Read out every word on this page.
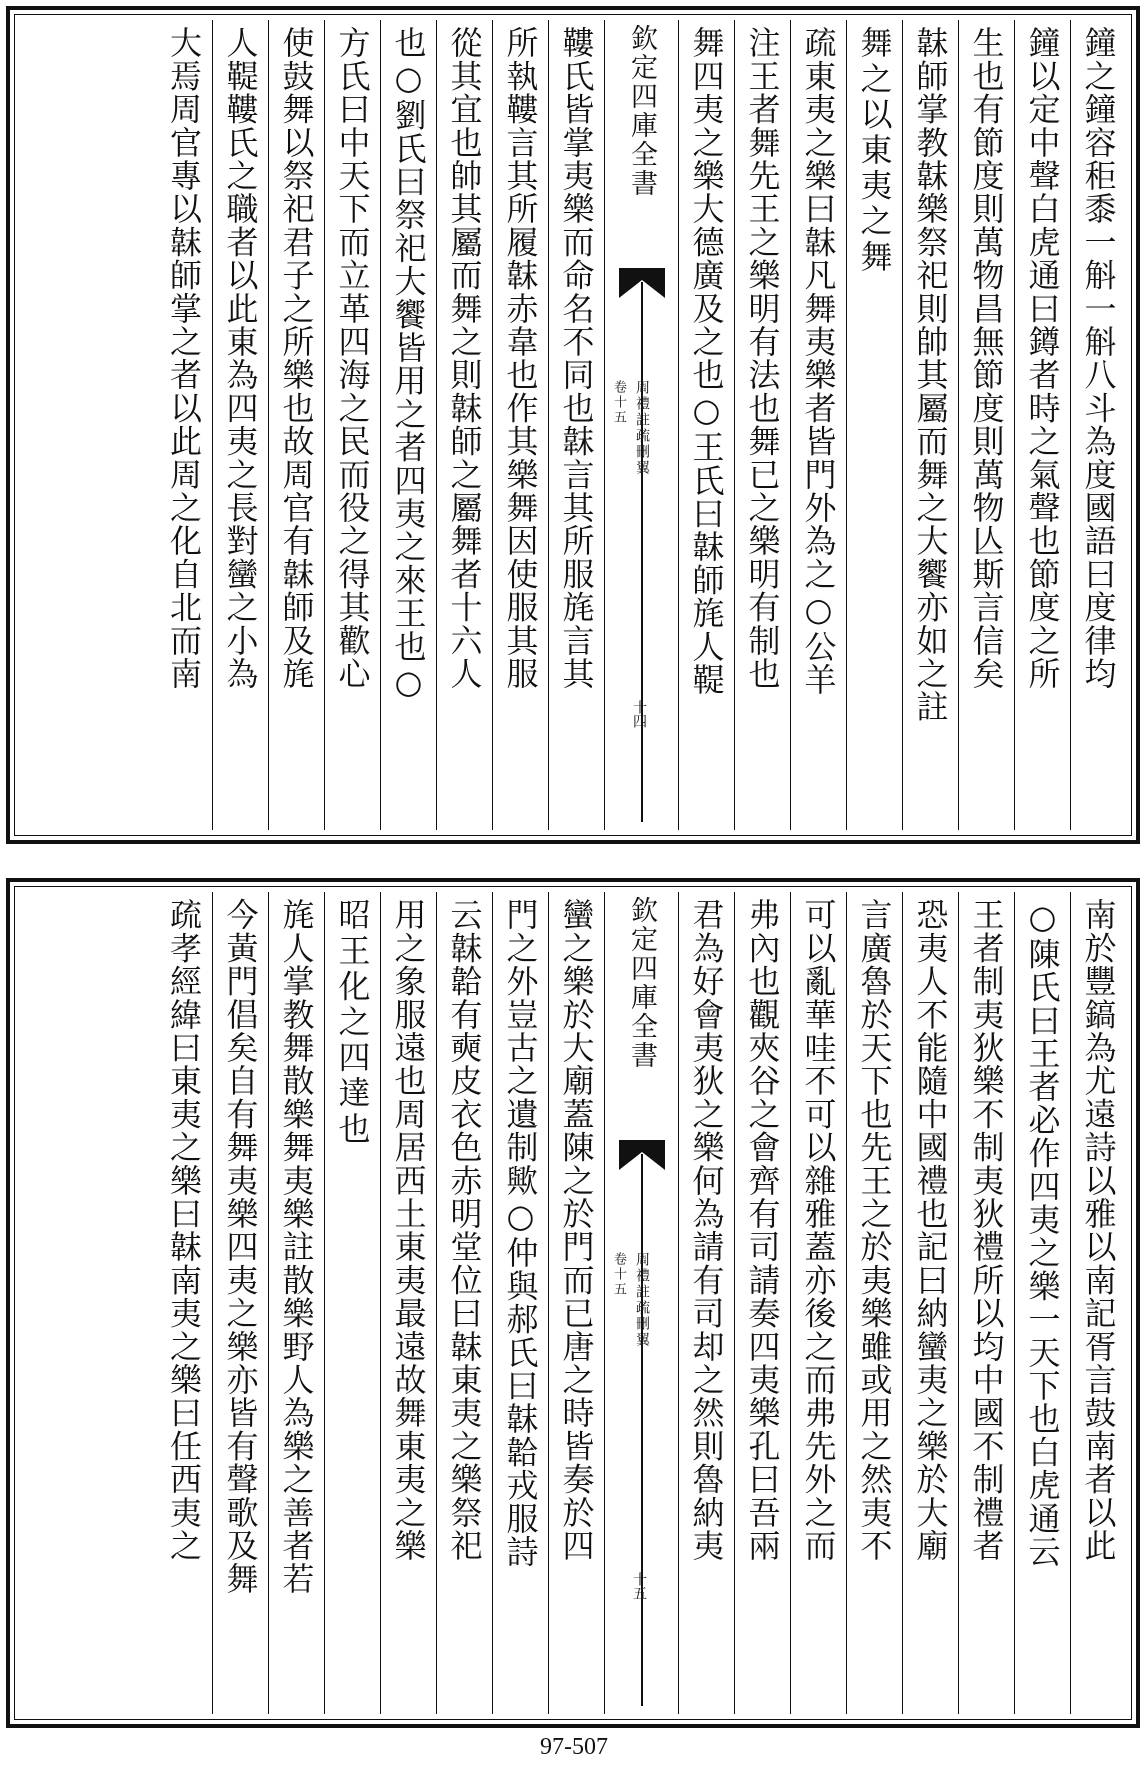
鐘之鐘容秬黍一斛一斛八斗為度國語曰度律均
鐘以定中聲白虎通曰鐏者時之氣聲也節度之所
生也有節度則萬物昌無節度則萬物亾斯言信矣
韎師掌教韎樂祭祀則帥其屬而舞之大饗亦如之註
舞之以東夷之舞
疏東夷之樂曰韎凡舞夷樂者皆門外為之○公羊
注王者舞先王之樂明有法也舞已之樂明有制也
舞四夷之樂大德廣及之也○王氏曰韎師旄人鞮
欽定四庫全書
周禮註疏刪翼
卷十五
十四
鞻氏皆掌夷樂而命名不同也韎言其所服旄言其
所執鞻言其所履韎赤韋也作其樂舞因使服其服
從其宜也帥其屬而舞之則韎師之屬舞者十六人
也○劉氏曰祭祀大饗皆用之者四夷之來王也○
方氏曰中天下而立革四海之民而役之得其歡心
使鼓舞以祭祀君子之所樂也故周官有韎師及旄
人鞮鞻氏之職者以此東為四夷之長對蠻之小為
大焉周官專以韎師掌之者以此周之化自北而南
南於豐鎬為尤遠詩以雅以南記胥言鼓南者以此
○陳氏曰王者必作四夷之樂一天下也白虎通云
王者制夷狄樂不制夷狄禮所以均中國不制禮者
恐夷人不能隨中國禮也記曰納蠻夷之樂於大廟
言廣魯於天下也先王之於夷樂雖或用之然夷不
可以亂華哇不可以雜雅蓋亦後之而弗先外之而
弗內也觀夾谷之會齊有司請奏四夷樂孔曰吾兩
君為好會夷狄之樂何為請有司却之然則魯納夷
欽定四庫全書
周禮註疏刪翼
卷十五
十五
蠻之樂於大廟蓋陳之於門而已唐之時皆奏於四
門之外豈古之遺制歟○仲與郝氏曰韎韐戎服詩
云韎韐有奭皮衣色赤明堂位曰韎東夷之樂祭祀
用之象服遠也周居西土東夷最遠故舞東夷之樂
昭王化之四達也
旄人掌教舞散樂舞夷樂註散樂野人為樂之善者若
今黃門倡矣自有舞夷樂四夷之樂亦皆有聲歌及舞
疏孝經緯曰東夷之樂曰韎南夷之樂曰任西夷之
97-507
